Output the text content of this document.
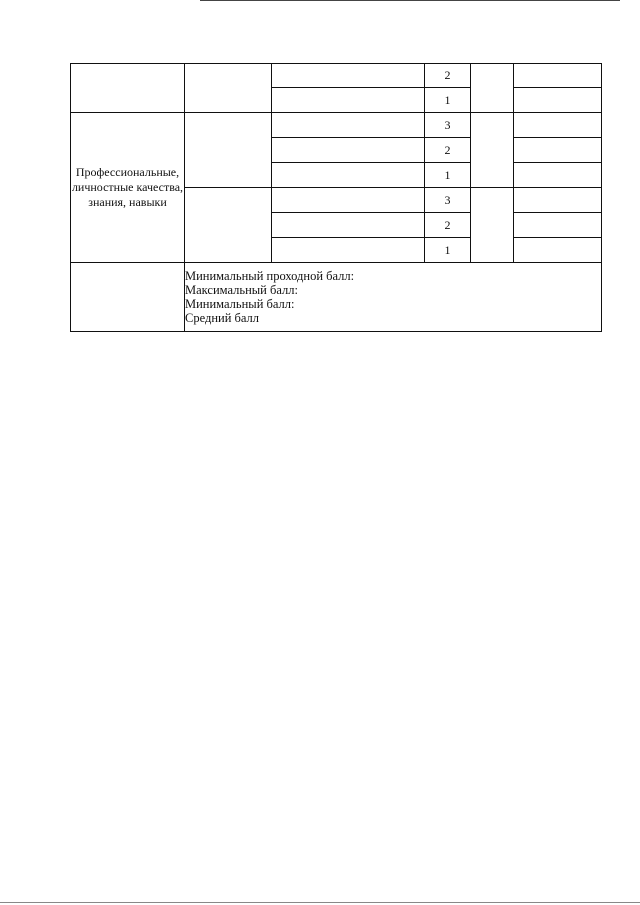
			2		
			1		
Профессиональные, личностные качества, знания, навыки			3		
			2		
			1		
			3		
			2		
			1		

	Минимальный проходной балл:
Максимальный балл:
Минимальный балл:
Средний балл				
